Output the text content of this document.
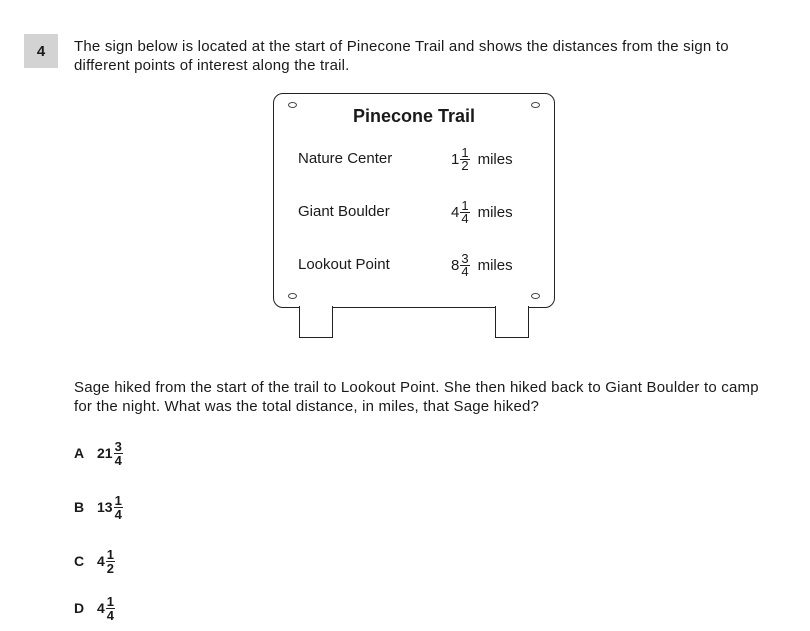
4	The sign below is located at the start of Pinecone Trail and shows the distances from the sign to different points of interest along the trail.
Pinecone Trail
Nature Center	$1 \frac{1}{2}$ miles
Giant Boulder	$4 \frac{1}{4}$ miles
Lookout Point	$8 \frac{3}{4}$ miles
Sage hiked from the start of the trail to Lookout Point. She then hiked back to Giant Boulder to camp for the night. What was the total distance, in miles, that Sage hiked?
A $21 \frac{3}{4}$
B $13 \frac{1}{4}$
C $4 \frac{1}{2}$
D $4 \frac{1}{4}$
